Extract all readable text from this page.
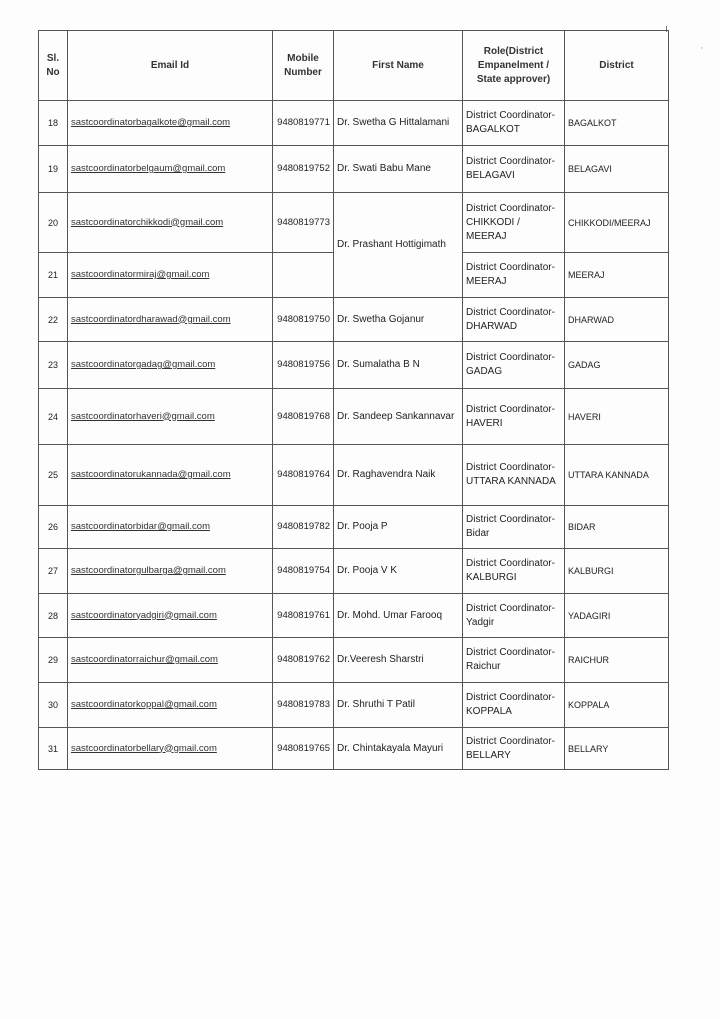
·
Sl. No	Email Id	Mobile Number	First Name	Role(District Empanelment / State approver)	District
18	sastcoordinatorbagalkote@gmail.com	9480819771	Dr. Swetha G Hittalamani	District Coordinator-BAGALKOT	BAGALKOT
19	sastcoordinatorbelgaum@gmail.com	9480819752	Dr. Swati Babu Mane	District Coordinator-BELAGAVI	BELAGAVI
20	sastcoordinatorchikkodi@gmail.com	9480819773	Dr. Prashant Hottigimath	District Coordinator-CHIKKODI / MEERAJ	CHIKKODI/MEERAJ
21	sastcoordinatormiraj@gmail.com			District Coordinator-MEERAJ	MEERAJ
22	sastcoordinatordharawad@gmail.com	9480819750	Dr. Swetha Gojanur	District Coordinator-DHARWAD	DHARWAD
23	sastcoordinatorgadag@gmail.com	9480819756	Dr. Sumalatha B N	District Coordinator-GADAG	GADAG
24	sastcoordinatorhaveri@gmail.com	9480819768	Dr. Sandeep Sankannavar	District Coordinator-HAVERI	HAVERI
25	sastcoordinatorukannada@gmail.com	9480819764	Dr. Raghavendra Naik	District Coordinator-UTTARA KANNADA	UTTARA KANNADA
26	sastcoordinatorbidar@gmail.com	9480819782	Dr. Pooja P	District Coordinator-Bidar	BIDAR
27	sastcoordinatorgulbarga@gmail.com	9480819754	Dr. Pooja V K	District Coordinator-KALBURGI	KALBURGI
28	sastcoordinatoryadgiri@gmail.com	9480819761	Dr. Mohd. Umar Farooq	District Coordinator-Yadgir	YADAGIRI
29	sastcoordinatorraichur@gmail.com	9480819762	Dr.Veeresh Sharstri	District Coordinator-Raichur	RAICHUR
30	sastcoordinatorkoppal@gmail.com	9480819783	Dr. Shruthi T Patil	District Coordinator-KOPPALA	KOPPALA
31	sastcoordinatorbellary@gmail.com	9480819765	Dr. Chintakayala Mayuri	District Coordinator-BELLARY	BELLARY
